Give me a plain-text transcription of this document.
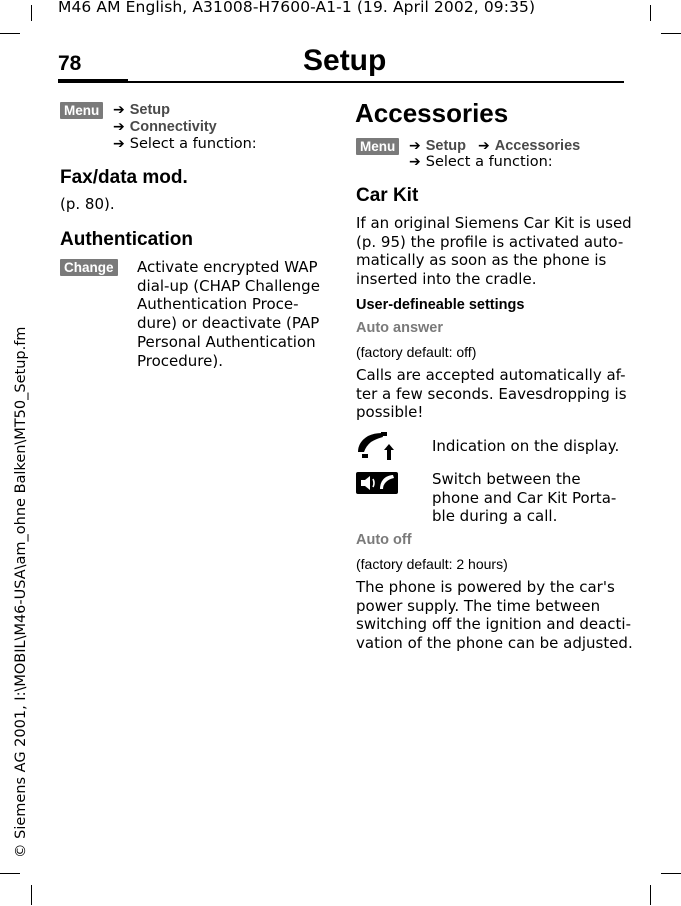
M46 AM English, A31008-H7600-A1-1 (19. April 2002, 09:35)
78	Setup
© Siemens AG 2001, I:\MOBIL\M46-USA\am_ohne Balken\MT50_Setup.fm
Menu ➔ Setup
➔ Connectivity
➔ Select a function:
Fax/data mod.
(p. 80).
Authentication
Change Activate encrypted WAP
dial-up (CHAP Challenge
Authentication Proce-
dure) or deactivate (PAP
Personal Authentication
Procedure).
Accessories
Menu ➔ Setup ➔ Accessories
➔ Select a function:
Car Kit
If an original Siemens Car Kit is used
(p. 95) the profile is activated auto-
matically as soon as the phone is
inserted into the cradle.
User-defineable settings
Auto answer
(factory default: off)
Calls are accepted automatically af-
ter a few seconds. Eavesdropping is
possible!
Indication on the display.
Switch between the
phone and Car Kit Porta-
ble during a call.
Auto off
(factory default: 2 hours)
The phone is powered by the car's
power supply. The time between
switching off the ignition and deacti-
vation of the phone can be adjusted.
